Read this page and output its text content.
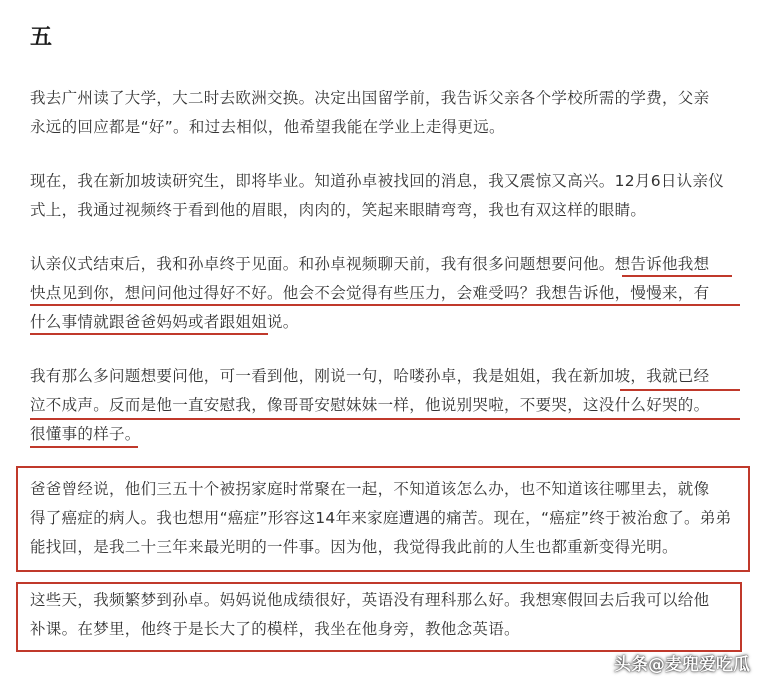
五
我去广州读了大学，大二时去欧洲交换。决定出国留学前，我告诉父亲各个学校所需的学费，父亲
永远的回应都是“好”。和过去相似，他希望我能在学业上走得更远。
现在，我在新加坡读研究生，即将毕业。知道孙卓被找回的消息，我又震惊又高兴。12月6日认亲仪
式上，我通过视频终于看到他的眉眼，肉肉的，笑起来眼睛弯弯，我也有双这样的眼睛。
认亲仪式结束后，我和孙卓终于见面。和孙卓视频聊天前，我有很多问题想要问他。想告诉他我想
快点见到你，想问问他过得好不好。他会不会觉得有些压力，会难受吗？我想告诉他，慢慢来，有
什么事情就跟爸爸妈妈或者跟姐姐说。
我有那么多问题想要问他，可一看到他，刚说一句，哈喽孙卓，我是姐姐，我在新加坡，我就已经
泣不成声。反而是他一直安慰我，像哥哥安慰妹妹一样，他说别哭啦，不要哭，这没什么好哭的。
很懂事的样子。
爸爸曾经说，他们三五十个被拐家庭时常聚在一起，不知道该怎么办，也不知道该往哪里去，就像
得了癌症的病人。我也想用“癌症”形容这14年来家庭遭遇的痛苦。现在，“癌症”终于被治愈了。弟弟
能找回，是我二十三年来最光明的一件事。因为他，我觉得我此前的人生也都重新变得光明。
这些天，我频繁梦到孙卓。妈妈说他成绩很好，英语没有理科那么好。我想寒假回去后我可以给他
补课。在梦里，他终于是长大了的模样，我坐在他身旁，教他念英语。
头条@麦兜爱吃瓜
